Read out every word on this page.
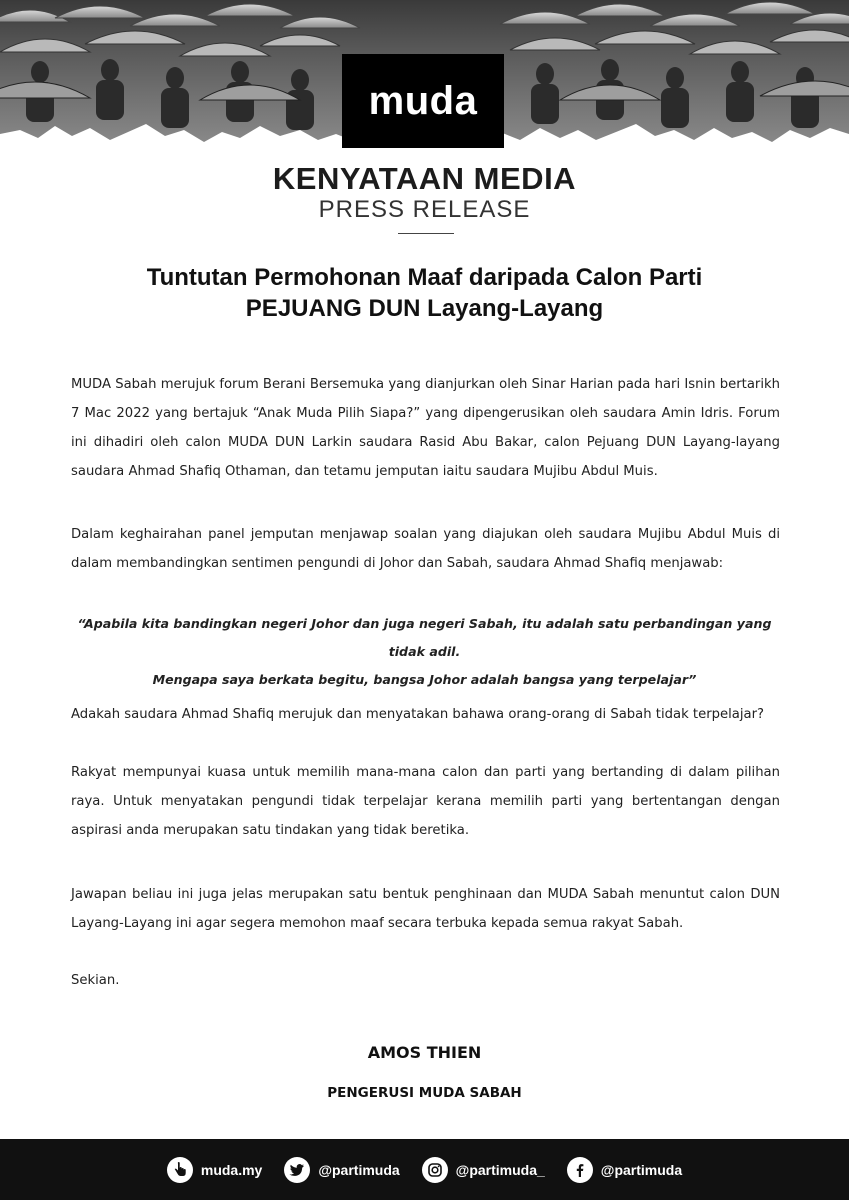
muda
KENYATAAN MEDIA
PRESS RELEASE
Tuntutan Permohonan Maaf daripada Calon Parti
PEJUANG DUN Layang-Layang
MUDA Sabah merujuk forum Berani Bersemuka yang dianjurkan oleh Sinar Harian pada hari Isnin bertarikh 7 Mac 2022 yang bertajuk “Anak Muda Pilih Siapa?” yang dipengerusikan oleh saudara Amin Idris. Forum ini dihadiri oleh calon MUDA DUN Larkin saudara Rasid Abu Bakar, calon Pejuang DUN Layang-layang saudara Ahmad Shafiq Othaman, dan tetamu jemputan iaitu saudara Mujibu Abdul Muis.
Dalam keghairahan panel jemputan menjawap soalan yang diajukan oleh saudara Mujibu Abdul Muis di dalam membandingkan sentimen pengundi di Johor dan Sabah, saudara Ahmad Shafiq menjawab:
“Apabila kita bandingkan negeri Johor dan juga negeri Sabah, itu adalah satu perbandingan yang tidak adil.
Mengapa saya berkata begitu, bangsa Johor adalah bangsa yang terpelajar”
Adakah saudara Ahmad Shafiq merujuk dan menyatakan bahawa orang-orang di Sabah tidak terpelajar?
Rakyat mempunyai kuasa untuk memilih mana-mana calon dan parti yang bertanding di dalam pilihan raya. Untuk menyatakan pengundi tidak terpelajar kerana memilih parti yang bertentangan dengan aspirasi anda merupakan satu tindakan yang tidak beretika.
Jawapan beliau ini juga jelas merupakan satu bentuk penghinaan dan MUDA Sabah menuntut calon DUN Layang-Layang ini agar segera memohon maaf secara terbuka kepada semua rakyat Sabah.
Sekian.
AMOS THIEN
PENGERUSI MUDA SABAH
muda.my	@partimuda	@partimuda_	@partimuda
